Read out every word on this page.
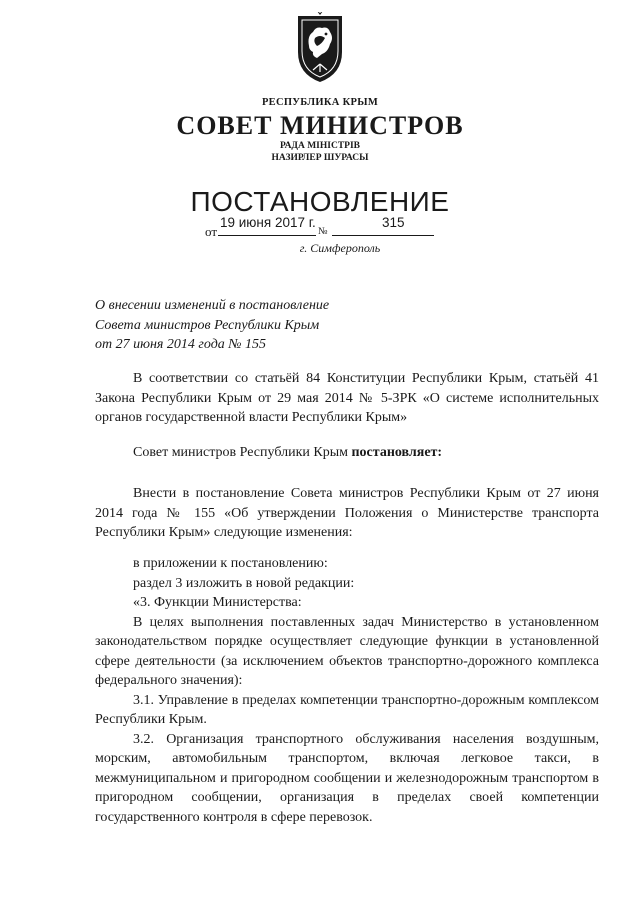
РЕСПУБЛИКА КРЫМ
СОВЕТ МИНИСТРОВ
РАДА МІНІСТРІВ
НАЗИРЛЕР ШУРАСЫ
ПОСТАНОВЛЕНИЕ
от
19 июня 2017 г.
№
315
г. Симферополь
О внесении изменений в постановление
Совета министров Республики Крым
от 27 июня 2014 года № 155

В соответствии со статьёй 84 Конституции Республики Крым, статьёй 41 Закона Республики Крым от 29 мая 2014 № 5-ЗРК «О системе исполнительных органов государственной власти Республики Крым»

Совет министров Республики Крым постановляет:

Внести в постановление Совета министров Республики Крым от 27 июня 2014 года № 155 «Об утверждении Положения о Министерстве транспорта Республики Крым» следующие изменения:

в приложении к постановлению:

раздел 3 изложить в новой редакции:

«3. Функции Министерства:

В целях выполнения поставленных задач Министерство в установленном законодательством порядке осуществляет следующие функции в установленной сфере деятельности (за исключением объектов транспортно-дорожного комплекса федерального значения):

3.1. Управление в пределах компетенции транспортно-дорожным комплексом Республики Крым.

3.2. Организация транспортного обслуживания населения воздушным, морским, автомобильным транспортом, включая легковое такси, в межмуниципальном и пригородном сообщении и железнодорожным транспортом в пригородном сообщении, организация в пределах своей компетенции государственного контроля в сфере перевозок.
